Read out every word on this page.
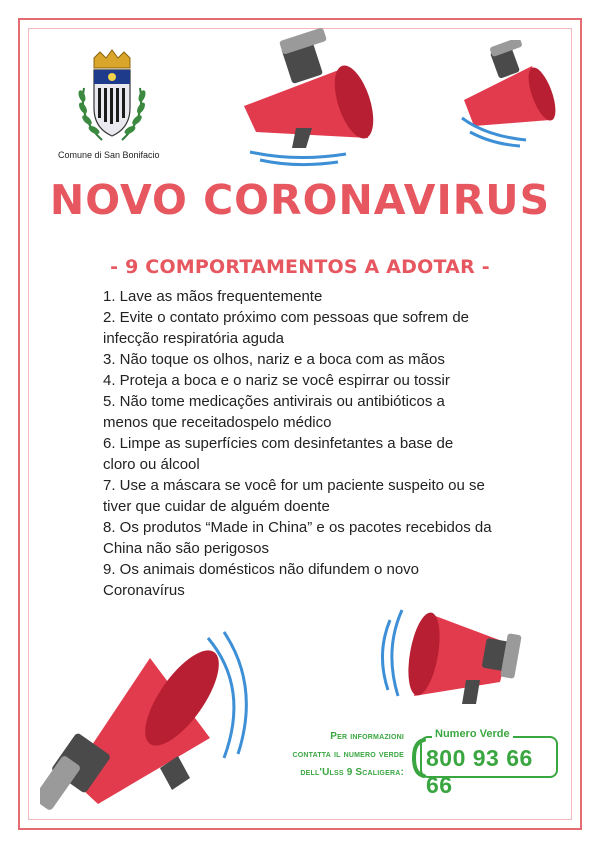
Comune di San Bonifacio
NOVO CORONAVIRUS
- 9 COMPORTAMENTOS A ADOTAR -
1. Lave as mãos frequentemente
2. Evite o contato próximo com pessoas que sofrem de
infecção respiratória aguda
3. Não toque os olhos, nariz e a boca com as mãos
4. Proteja a boca e o nariz se você espirrar ou tossir
5. Não tome medicações antivirais ou antibióticos a
menos que receitadospelo médico
6. Limpe as superfícies com desinfetantes a base de
cloro ou álcool
7. Use a máscara se você for um paciente suspeito ou se
tiver que cuidar de alguém doente
8. Os produtos “Made in China” e os pacotes recebidos da
China não são perigosos
9. Os animais domésticos não difundem o novo
Coronavírus
Per informazioni
contatta il numero verde
dell'Ulss 9 Scaligera:
Numero Verde
800 93 66 66
